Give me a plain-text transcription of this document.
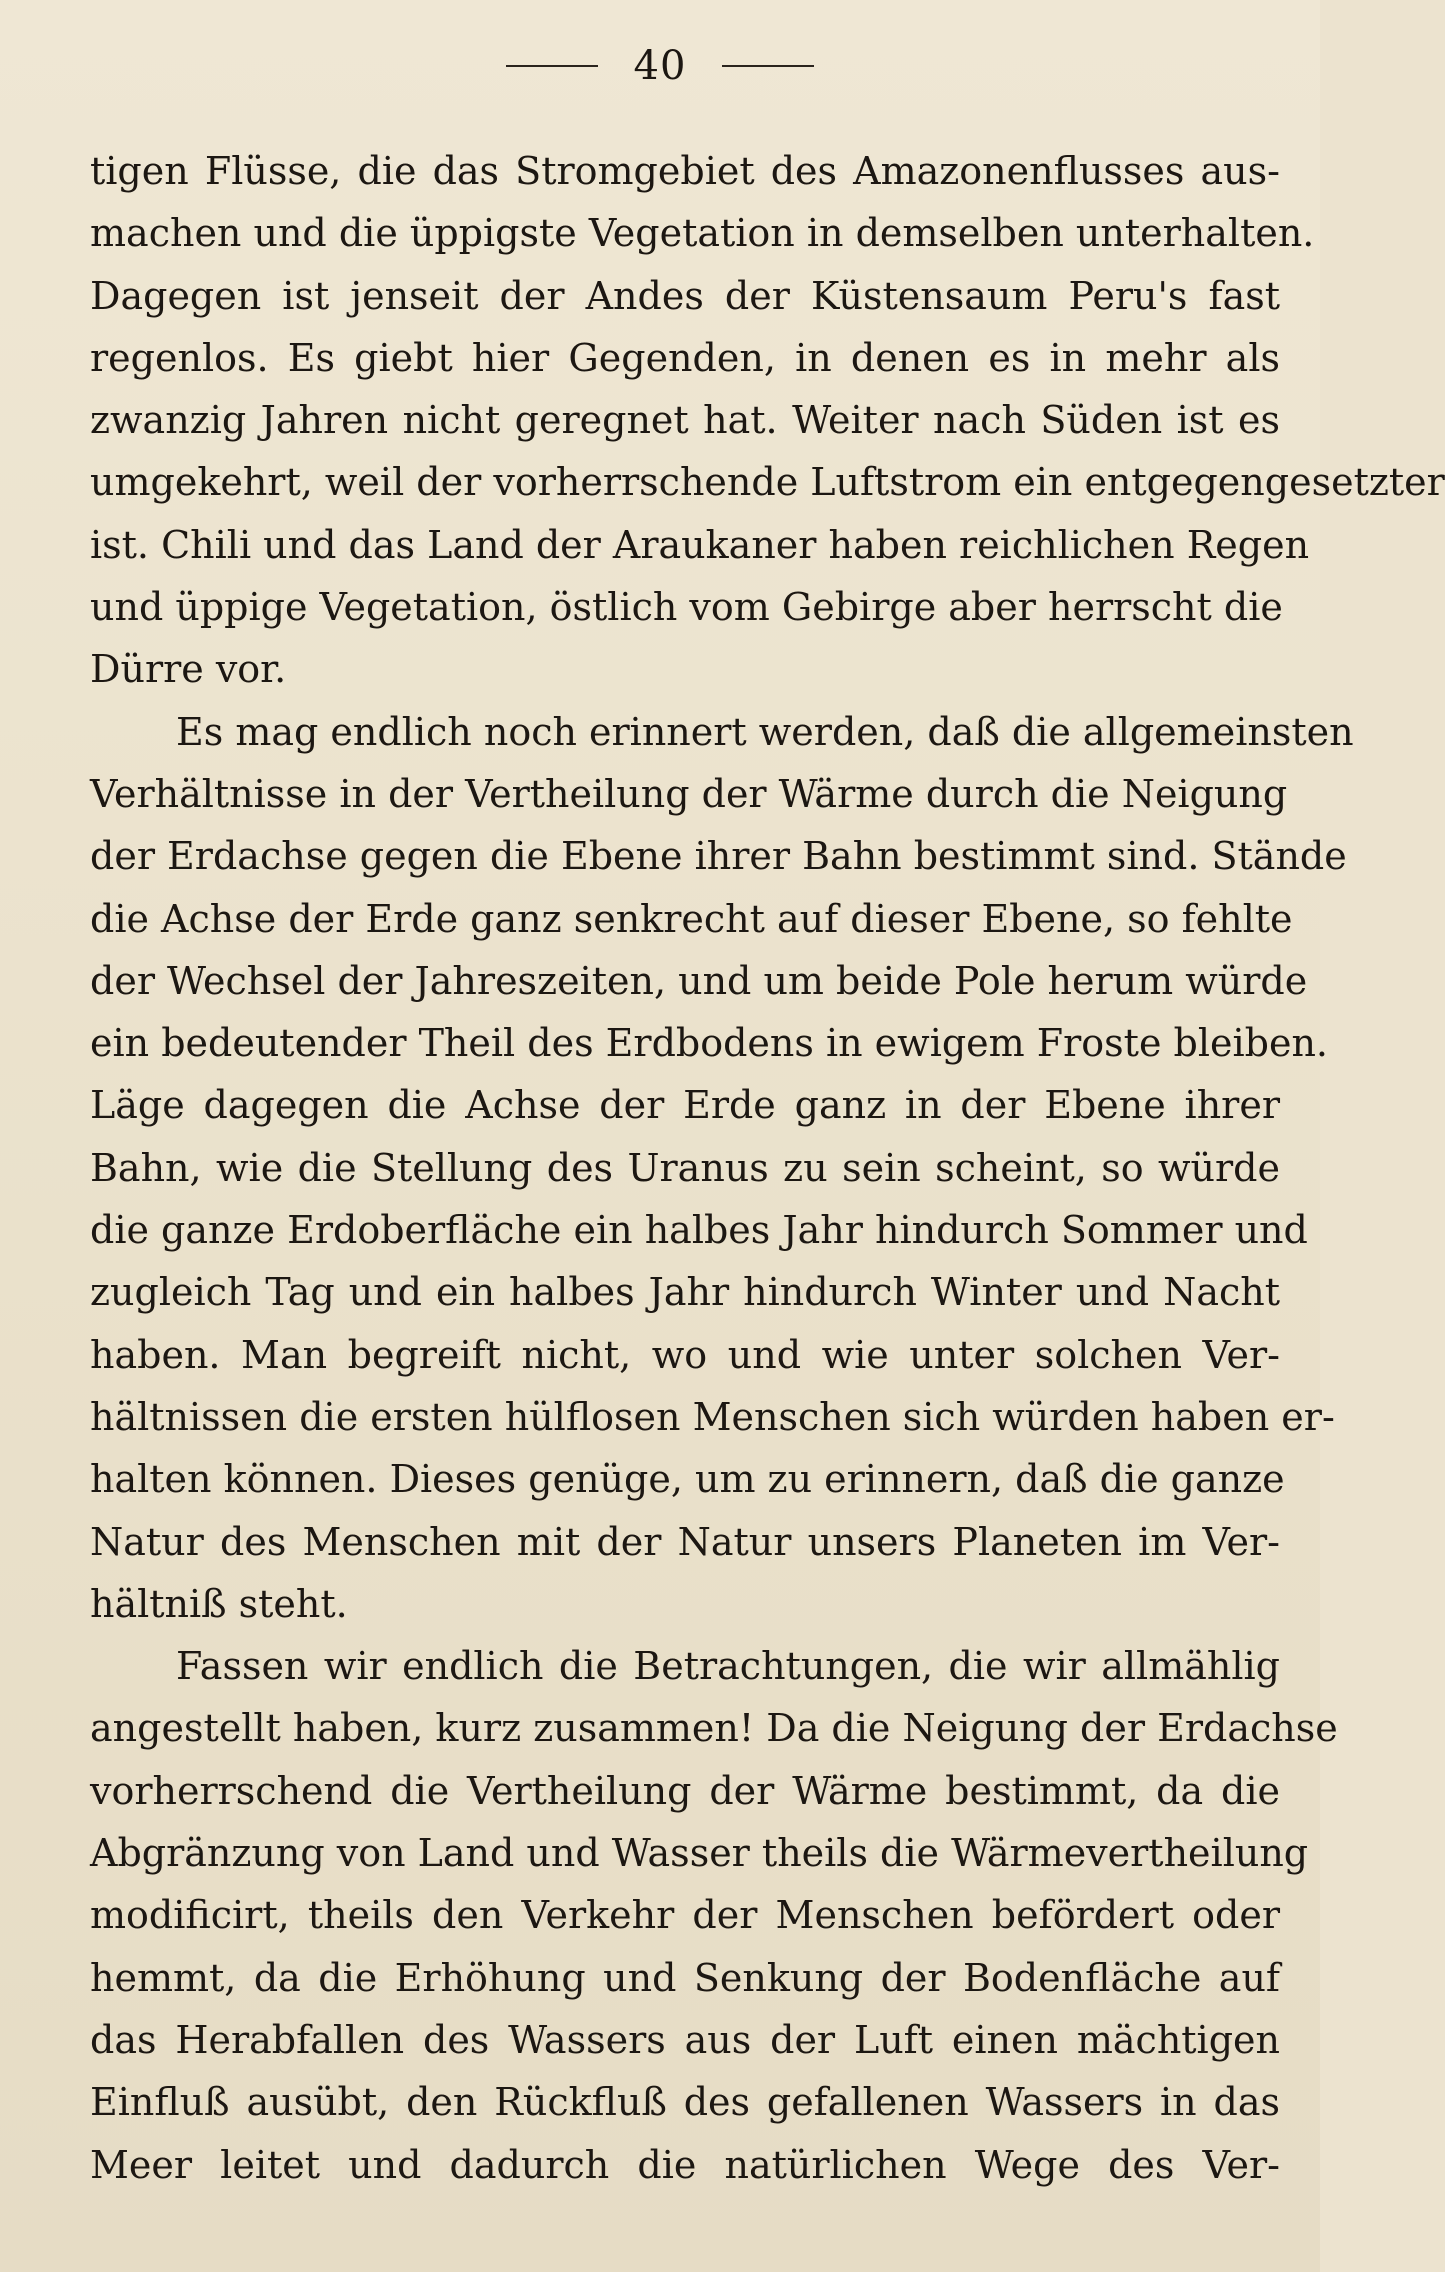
40
tigen Flüsse, die das Stromgebiet des Amazonenflusses aus-
machen und die üppigste Vegetation in demselben unterhalten.
Dagegen ist jenseit der Andes der Küstensaum Peru's fast
regenlos. Es giebt hier Gegenden, in denen es in mehr als
zwanzig Jahren nicht geregnet hat. Weiter nach Süden ist es
umgekehrt, weil der vorherrschende Luftstrom ein entgegengesetzter
ist. Chili und das Land der Araukaner haben reichlichen Regen
und üppige Vegetation, östlich vom Gebirge aber herrscht die
Dürre vor.
Es mag endlich noch erinnert werden, daß die allgemeinsten
Verhältnisse in der Vertheilung der Wärme durch die Neigung
der Erdachse gegen die Ebene ihrer Bahn bestimmt sind. Stände
die Achse der Erde ganz senkrecht auf dieser Ebene, so fehlte
der Wechsel der Jahreszeiten, und um beide Pole herum würde
ein bedeutender Theil des Erdbodens in ewigem Froste bleiben.
Läge dagegen die Achse der Erde ganz in der Ebene ihrer
Bahn, wie die Stellung des Uranus zu sein scheint, so würde
die ganze Erdoberfläche ein halbes Jahr hindurch Sommer und
zugleich Tag und ein halbes Jahr hindurch Winter und Nacht
haben. Man begreift nicht, wo und wie unter solchen Ver-
hältnissen die ersten hülflosen Menschen sich würden haben er-
halten können. Dieses genüge, um zu erinnern, daß die ganze
Natur des Menschen mit der Natur unsers Planeten im Ver-
hältniß steht.
Fassen wir endlich die Betrachtungen, die wir allmählig
angestellt haben, kurz zusammen! Da die Neigung der Erdachse
vorherrschend die Vertheilung der Wärme bestimmt, da die
Abgränzung von Land und Wasser theils die Wärmevertheilung
modificirt, theils den Verkehr der Menschen befördert oder
hemmt, da die Erhöhung und Senkung der Bodenfläche auf
das Herabfallen des Wassers aus der Luft einen mächtigen
Einfluß ausübt, den Rückfluß des gefallenen Wassers in das
Meer leitet und dadurch die natürlichen Wege des Ver-
